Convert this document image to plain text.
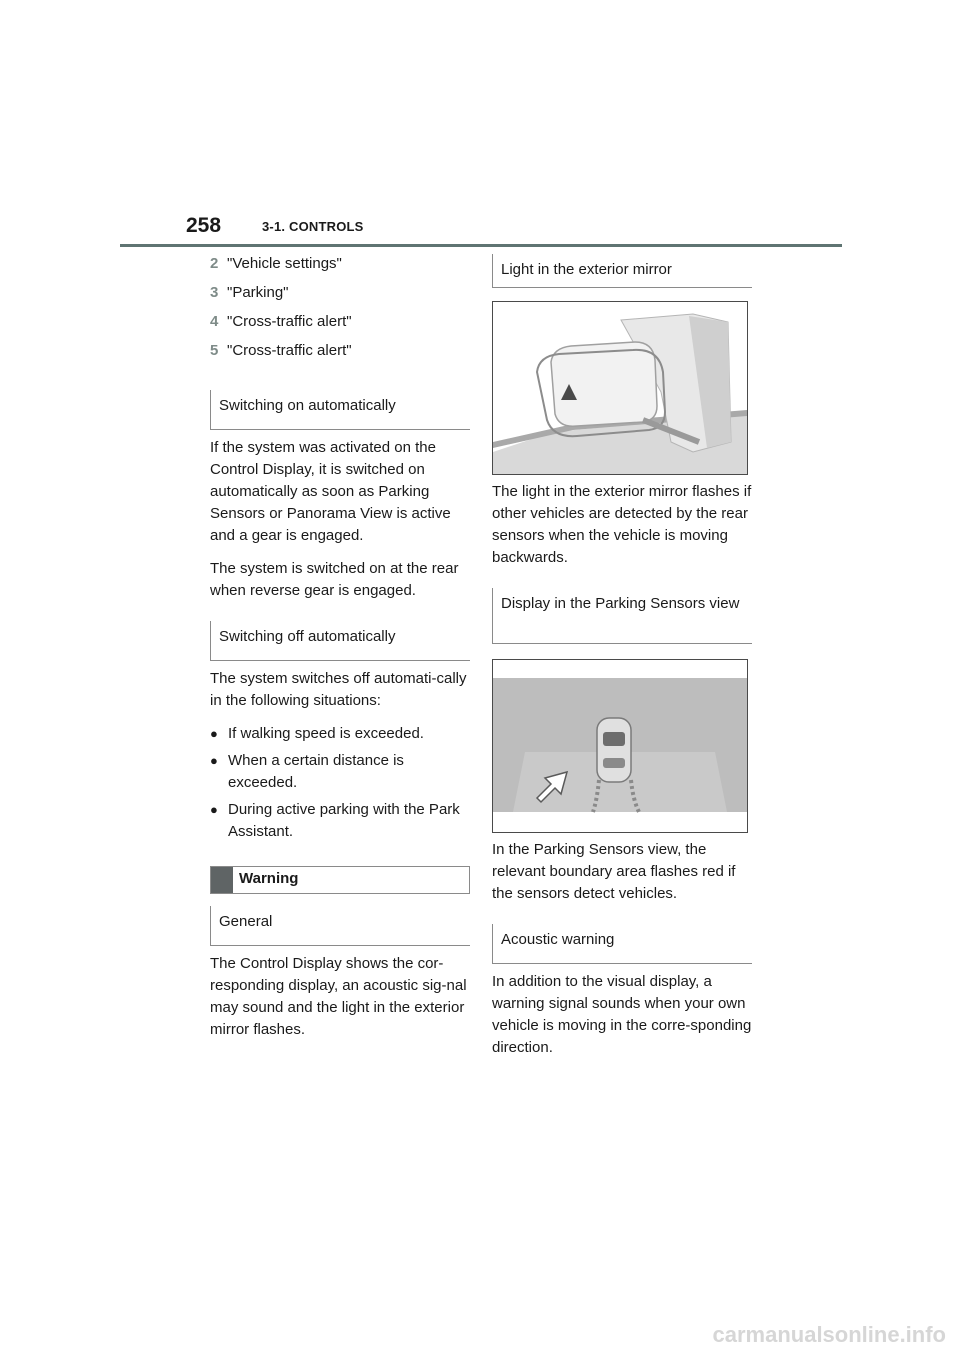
258	3-1. CONTROLS
2 "Vehicle settings"
3 "Parking"
4 "Cross-traffic alert"
5 "Cross-traffic alert"
Switching on automatically

If the system was activated on the Control Display, it is switched on automatically as soon as Parking Sensors or Panorama View is active and a gear is engaged.

The system is switched on at the rear when reverse gear is engaged.

Switching off automatically

The system switches off automati-cally in the following situations:

● If walking speed is exceeded.
● When a certain distance is exceeded.
● During active parking with the Park Assistant.
Warning
General

The Control Display shows the cor-responding display, an acoustic sig-nal may sound and the light in the exterior mirror flashes.

Light in the exterior mirror

The light in the exterior mirror flashes if other vehicles are detected by the rear sensors when the vehicle is moving backwards.

Display in the Parking Sensors view

In the Parking Sensors view, the relevant boundary area flashes red if the sensors detect vehicles.

Acoustic warning

In addition to the visual display, a warning signal sounds when your own vehicle is moving in the corre-sponding direction.

carmanualsonline.info
